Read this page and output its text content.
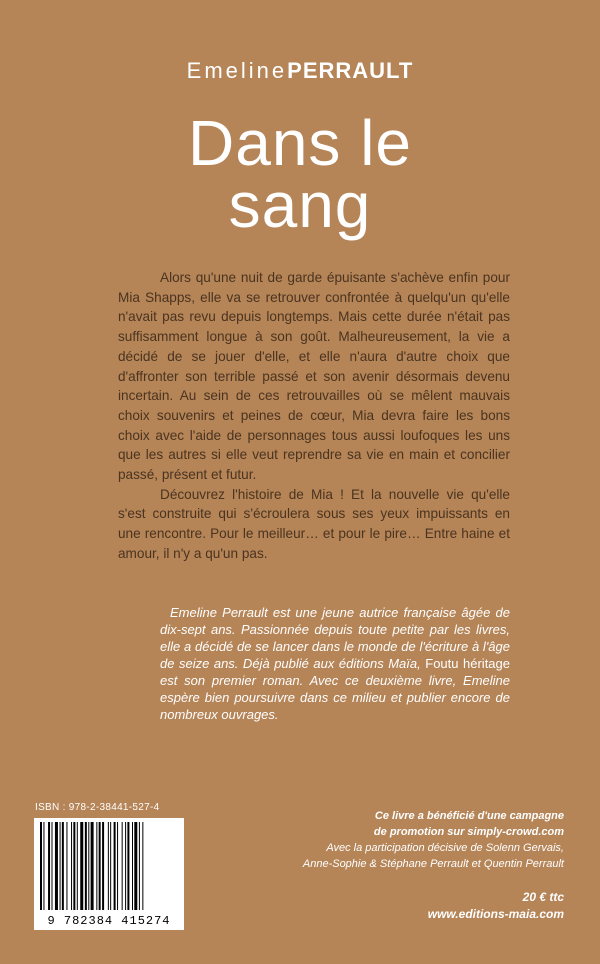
EmelinePERRAULT
Dans le
sang

Alors qu'une nuit de garde épuisante s'achève enfin pour Mia Shapps, elle va se retrouver confrontée à quelqu'un qu'elle n'avait pas revu depuis longtemps. Mais cette durée n'était pas suffisamment longue à son goût. Malheureusement, la vie a décidé de se jouer d'elle, et elle n'aura d'autre choix que d'affronter son terrible passé et son avenir désormais devenu incertain. Au sein de ces retrouvailles où se mêlent mauvais choix souvenirs et peines de cœur, Mia devra faire les bons choix avec l'aide de personnages tous aussi loufoques les uns que les autres si elle veut reprendre sa vie en main et concilier passé, présent et futur.

Découvrez l'histoire de Mia ! Et la nouvelle vie qu'elle s'est construite qui s'écroulera sous ses yeux impuissants en une rencontre. Pour le meilleur… et pour le pire… Entre haine et amour, il n'y a qu'un pas.

Emeline Perrault est une jeune autrice française âgée de dix-sept ans. Passionnée depuis toute petite par les livres, elle a décidé de se lancer dans le monde de l'écriture à l'âge de seize ans. Déjà publié aux éditions Maïa, Foutu héritage est son premier roman. Avec ce deuxième livre, Emeline espère bien poursuivre dans ce milieu et publier encore de nombreux ouvrages.
ISBN : 978-2-38441-527-4
9 782384 415274
Ce livre a bénéficié d'une campagne
de promotion sur simply-crowd.com
Avec la participation décisive de Solenn Gervais,
Anne-Sophie & Stéphane Perrault et Quentin Perrault
20 € ttc
www.editions-maia.com
